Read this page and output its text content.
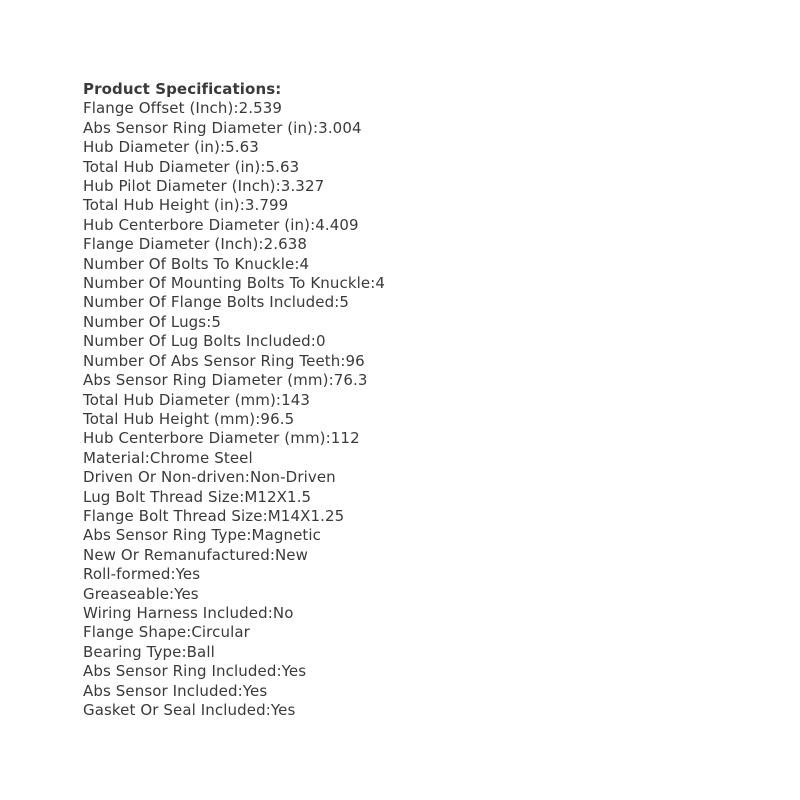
Product Specifications:
Flange Offset (Inch):2.539
Abs Sensor Ring Diameter (in):3.004
Hub Diameter (in):5.63
Total Hub Diameter (in):5.63
Hub Pilot Diameter (Inch):3.327
Total Hub Height (in):3.799
Hub Centerbore Diameter (in):4.409
Flange Diameter (Inch):2.638
Number Of Bolts To Knuckle:4
Number Of Mounting Bolts To Knuckle:4
Number Of Flange Bolts Included:5
Number Of Lugs:5
Number Of Lug Bolts Included:0
Number Of Abs Sensor Ring Teeth:96
Abs Sensor Ring Diameter (mm):76.3
Total Hub Diameter (mm):143
Total Hub Height (mm):96.5
Hub Centerbore Diameter (mm):112
Material:Chrome Steel
Driven Or Non-driven:Non-Driven
Lug Bolt Thread Size:M12X1.5
Flange Bolt Thread Size:M14X1.25
Abs Sensor Ring Type:Magnetic
New Or Remanufactured:New
Roll-formed:Yes
Greaseable:Yes
Wiring Harness Included:No
Flange Shape:Circular
Bearing Type:Ball
Abs Sensor Ring Included:Yes
Abs Sensor Included:Yes
Gasket Or Seal Included:Yes
